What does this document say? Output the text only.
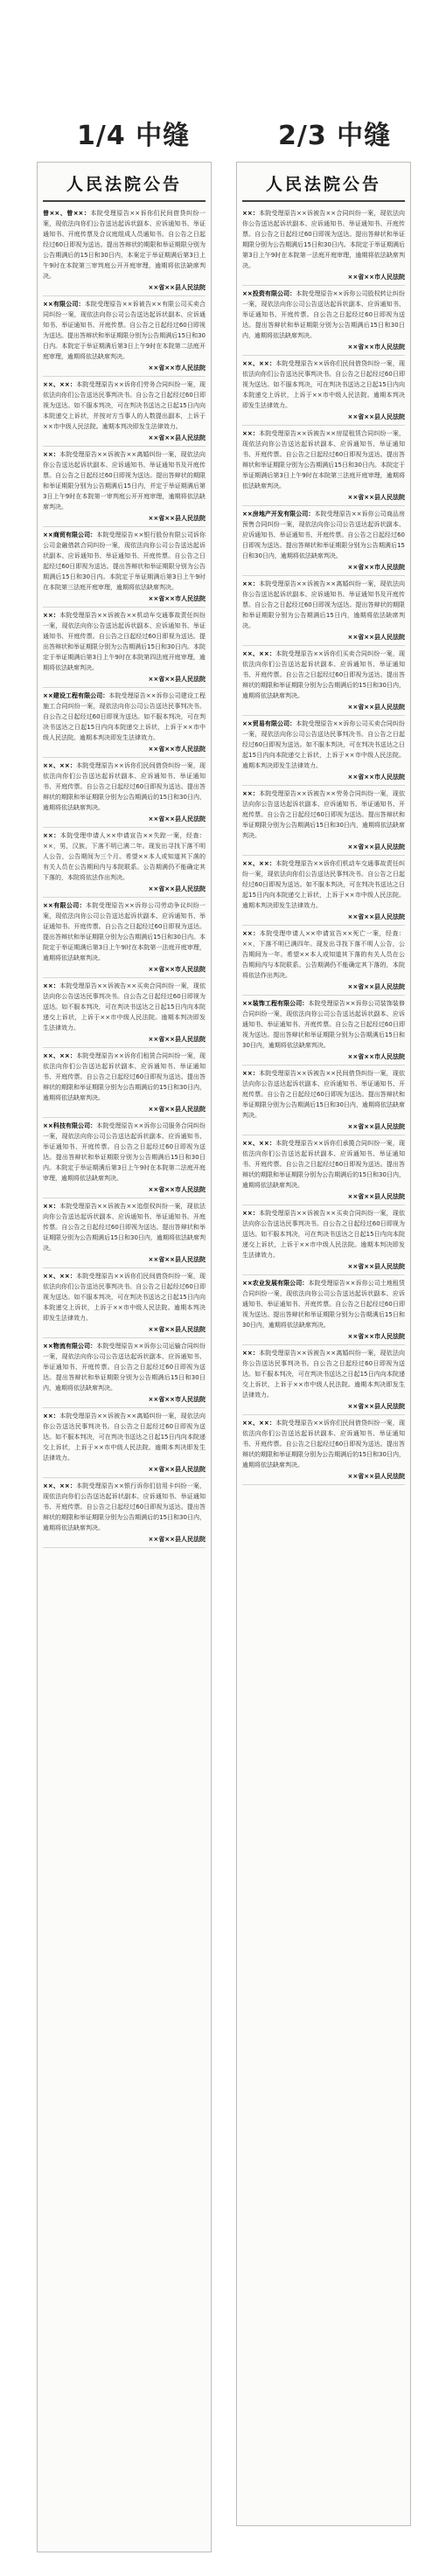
1/4 中缝	2/3 中缝
人民法院公告
曾××、曾××：本院受理原告××诉你们民间借贷纠纷一案，现依法向你们公告送达起诉状副本、应诉通知书、举证通知书、开庭传票及合议庭组成人员通知书。自公告之日起经过60日即视为送达。提出答辩状的期限和举证期限分别为公告期满后的15日和30日内，本案定于举证期满后第3日上午9时在本院第三审判庭公开开庭审理，逾期将依法缺席判决。
××省××县人民法院
××有限公司：本院受理原告××诉被告××有限公司买卖合同纠纷一案，现依法向你公司公告送达起诉状副本、应诉通知书、举证通知书、开庭传票。自公告之日起经过60日即视为送达。提出答辩状和举证期限分别为公告期满后15日和30日内。本院定于举证期满后第3日上午9时在本院第二法庭开庭审理，逾期将依法缺席判决。
××省××市人民法院
××、××：本院受理原告××诉你们劳务合同纠纷一案，现依法向你们公告送达民事判决书。自公告之日起经过60日即视为送达。如不服本判决，可在判决书送达之日起15日内向本院递交上诉状，并按对方当事人的人数提出副本，上诉于××市中级人民法院。逾期本判决即发生法律效力。
××省××县人民法院
××：本院受理原告××诉被告××离婚纠纷一案，现依法向你公告送达起诉状副本、应诉通知书、举证通知书及开庭传票。自公告之日起经过60日即视为送达。提出答辩状的期限和举证期限分别为公告期满后15日内，并定于举证期满后第3日上午9时在本院第一审判庭公开开庭审理，逾期将依法缺席判决。
××省××县人民法院
××商贸有限公司：本院受理原告××银行股份有限公司诉你公司金融借款合同纠纷一案，现依法向你公司公告送达起诉状副本、应诉通知书、举证通知书、开庭传票。自公告之日起经过60日即视为送达。提出答辩状和举证期限分别为公告期满后15日和30日内。本院定于举证期满后第3日上午9时在本院第三法庭开庭审理，逾期将依法缺席判决。
××省××市人民法院
××：本院受理原告××诉被告××机动车交通事故责任纠纷一案，现依法向你公告送达起诉状副本、应诉通知书、举证通知书、开庭传票。自公告之日起经过60日即视为送达。提出答辩状和举证期限分别为公告期满后15日和30日内。本院定于举证期满后第3日上午9时在本院第四法庭开庭审理，逾期将依法缺席判决。
××省××县人民法院
××建设工程有限公司：本院受理原告××诉你公司建设工程施工合同纠纷一案，现依法向你公司公告送达民事判决书。自公告之日起经过60日即视为送达。如不服本判决，可在判决书送达之日起15日内向本院递交上诉状，上诉于××市中级人民法院。逾期本判决即发生法律效力。
××省××市人民法院
××、××：本院受理原告××诉你们民间借贷纠纷一案，现依法向你们公告送达起诉状副本、应诉通知书、举证通知书、开庭传票。自公告之日起经过60日即视为送达。提出答辩状的期限和举证期限分别为公告期满后的15日和30日内，逾期将依法缺席判决。
××省××县人民法院
××：本院受理申请人××申请宣告××失踪一案，经查：××，男，汉族，下落不明已满二年。现发出寻找下落不明人公告，公告期间为三个月。希望××本人或知道其下落的有关人员在公告期间内与本院联系。公告期满仍不能确定其下落的，本院将依法作出判决。
××省××县人民法院
××有限公司：本院受理原告××诉你公司劳动争议纠纷一案，现依法向你公司公告送达起诉状副本、应诉通知书、举证通知书、开庭传票。自公告之日起经过60日即视为送达。提出答辩状和举证期限分别为公告期满后15日和30日内。本院定于举证期满后第3日上午9时在本院第一法庭开庭审理，逾期将依法缺席判决。
××省××市人民法院
××：本院受理原告××诉被告××买卖合同纠纷一案，现依法向你公告送达民事判决书。自公告之日起经过60日即视为送达。如不服本判决，可在判决书送达之日起15日内向本院递交上诉状，上诉于××市中级人民法院。逾期本判决即发生法律效力。
××省××县人民法院
××、××：本院受理原告××诉你们租赁合同纠纷一案，现依法向你们公告送达起诉状副本、应诉通知书、举证通知书、开庭传票。自公告之日起经过60日即视为送达。提出答辩状的期限和举证期限分别为公告期满后的15日和30日内，逾期将依法缺席判决。
××省××县人民法院
××科技有限公司：本院受理原告××诉你公司服务合同纠纷一案，现依法向你公司公告送达起诉状副本、应诉通知书、举证通知书、开庭传票。自公告之日起经过60日即视为送达。提出答辩状和举证期限分别为公告期满后15日和30日内。本院定于举证期满后第3日上午9时在本院第二法庭开庭审理，逾期将依法缺席判决。
××省××市人民法院
××：本院受理原告××诉被告××追偿权纠纷一案，现依法向你公告送达起诉状副本、应诉通知书、举证通知书、开庭传票。自公告之日起经过60日即视为送达。提出答辩状和举证期限分别为公告期满后15日和30日内，逾期将依法缺席判决。
××省××县人民法院
××、××：本院受理原告××诉你们民间借贷纠纷一案，现依法向你们公告送达民事判决书。自公告之日起经过60日即视为送达。如不服本判决，可在判决书送达之日起15日内向本院递交上诉状，上诉于××市中级人民法院。逾期本判决即发生法律效力。
××省××县人民法院
××物流有限公司：本院受理原告××诉你公司运输合同纠纷一案，现依法向你公司公告送达起诉状副本、应诉通知书、举证通知书、开庭传票。自公告之日起经过60日即视为送达。提出答辩状和举证期限分别为公告期满后15日和30日内，逾期将依法缺席判决。
××省××市人民法院
××：本院受理原告××诉被告××离婚纠纷一案，现依法向你公告送达民事判决书。自公告之日起经过60日即视为送达。如不服本判决，可在判决书送达之日起15日内向本院递交上诉状，上诉于××市中级人民法院。逾期本判决即发生法律效力。
××省××县人民法院
××、××：本院受理原告××银行诉你们信用卡纠纷一案，现依法向你们公告送达起诉状副本、应诉通知书、举证通知书、开庭传票。自公告之日起经过60日即视为送达。提出答辩状的期限和举证期限分别为公告期满后的15日和30日内，逾期将依法缺席判决。
××省××县人民法院
人民法院公告
××：本院受理原告××诉被告××合同纠纷一案，现依法向你公告送达起诉状副本、应诉通知书、举证通知书、开庭传票。自公告之日起经过60日即视为送达。提出答辩状和举证期限分别为公告期满后15日和30日内。本院定于举证期满后第3日上午9时在本院第一法庭开庭审理，逾期将依法缺席判决。
××省××市人民法院
××投资有限公司：本院受理原告××诉你公司股权转让纠纷一案，现依法向你公司公告送达起诉状副本、应诉通知书、举证通知书、开庭传票。自公告之日起经过60日即视为送达。提出答辩状和举证期限分别为公告期满后15日和30日内，逾期将依法缺席判决。
××省××市人民法院
××、××：本院受理原告××诉你们民间借贷纠纷一案，现依法向你们公告送达民事判决书。自公告之日起经过60日即视为送达。如不服本判决，可在判决书送达之日起15日内向本院递交上诉状，上诉于××市中级人民法院。逾期本判决即发生法律效力。
××省××县人民法院
××：本院受理原告××诉被告××房屋租赁合同纠纷一案，现依法向你公告送达起诉状副本、应诉通知书、举证通知书、开庭传票。自公告之日起经过60日即视为送达。提出答辩状和举证期限分别为公告期满后15日和30日内。本院定于举证期满后第3日上午9时在本院第三法庭开庭审理，逾期将依法缺席判决。
××省××县人民法院
××房地产开发有限公司：本院受理原告××诉你公司商品房预售合同纠纷一案，现依法向你公司公告送达起诉状副本、应诉通知书、举证通知书、开庭传票。自公告之日起经过60日即视为送达。提出答辩状和举证期限分别为公告期满后15日和30日内，逾期将依法缺席判决。
××省××市人民法院
××：本院受理原告××诉被告××离婚纠纷一案，现依法向你公告送达起诉状副本、应诉通知书、举证通知书及开庭传票。自公告之日起经过60日即视为送达。提出答辩状的期限和举证期限分别为公告期满后15日内，逾期将依法缺席判决。
××省××县人民法院
××、××：本院受理原告××诉你们买卖合同纠纷一案，现依法向你们公告送达起诉状副本、应诉通知书、举证通知书、开庭传票。自公告之日起经过60日即视为送达。提出答辩状的期限和举证期限分别为公告期满后的15日和30日内，逾期将依法缺席判决。
××省××县人民法院
××贸易有限公司：本院受理原告××诉你公司买卖合同纠纷一案，现依法向你公司公告送达民事判决书。自公告之日起经过60日即视为送达。如不服本判决，可在判决书送达之日起15日内向本院递交上诉状，上诉于××市中级人民法院。逾期本判决即发生法律效力。
××省××市人民法院
××：本院受理原告××诉被告××劳务合同纠纷一案，现依法向你公告送达起诉状副本、应诉通知书、举证通知书、开庭传票。自公告之日起经过60日即视为送达。提出答辩状和举证期限分别为公告期满后15日和30日内，逾期将依法缺席判决。
××省××县人民法院
××、××：本院受理原告××诉你们机动车交通事故责任纠纷一案，现依法向你们公告送达民事判决书。自公告之日起经过60日即视为送达。如不服本判决，可在判决书送达之日起15日内向本院递交上诉状，上诉于××市中级人民法院。逾期本判决即发生法律效力。
××省××县人民法院
××：本院受理申请人××申请宣告××死亡一案，经查：××，下落不明已满四年。现发出寻找下落不明人公告，公告期间为一年。希望××本人或知道其下落的有关人员在公告期间内与本院联系。公告期满仍不能确定其下落的，本院将依法作出判决。
××省××县人民法院
××装饰工程有限公司：本院受理原告××诉你公司装饰装修合同纠纷一案，现依法向你公司公告送达起诉状副本、应诉通知书、举证通知书、开庭传票。自公告之日起经过60日即视为送达。提出答辩状和举证期限分别为公告期满后15日和30日内，逾期将依法缺席判决。
××省××市人民法院
××：本院受理原告××诉被告××民间借贷纠纷一案，现依法向你公告送达起诉状副本、应诉通知书、举证通知书、开庭传票。自公告之日起经过60日即视为送达。提出答辩状和举证期限分别为公告期满后15日和30日内，逾期将依法缺席判决。
××省××县人民法院
××、××：本院受理原告××诉你们承揽合同纠纷一案，现依法向你们公告送达起诉状副本、应诉通知书、举证通知书、开庭传票。自公告之日起经过60日即视为送达。提出答辩状的期限和举证期限分别为公告期满后的15日和30日内，逾期将依法缺席判决。
××省××县人民法院
××：本院受理原告××诉被告××买卖合同纠纷一案，现依法向你公告送达民事判决书。自公告之日起经过60日即视为送达。如不服本判决，可在判决书送达之日起15日内向本院递交上诉状，上诉于××市中级人民法院。逾期本判决即发生法律效力。
××省××县人民法院
××农业发展有限公司：本院受理原告××诉你公司土地租赁合同纠纷一案，现依法向你公司公告送达起诉状副本、应诉通知书、举证通知书、开庭传票。自公告之日起经过60日即视为送达。提出答辩状和举证期限分别为公告期满后15日和30日内，逾期将依法缺席判决。
××省××市人民法院
××：本院受理原告××诉被告××离婚纠纷一案，现依法向你公告送达民事判决书。自公告之日起经过60日即视为送达。如不服本判决，可在判决书送达之日起15日内向本院递交上诉状，上诉于××市中级人民法院。逾期本判决即发生法律效力。
××省××县人民法院
××、××：本院受理原告××诉你们民间借贷纠纷一案，现依法向你们公告送达起诉状副本、应诉通知书、举证通知书、开庭传票。自公告之日起经过60日即视为送达。提出答辩状的期限和举证期限分别为公告期满后的15日和30日内，逾期将依法缺席判决。
××省××县人民法院
